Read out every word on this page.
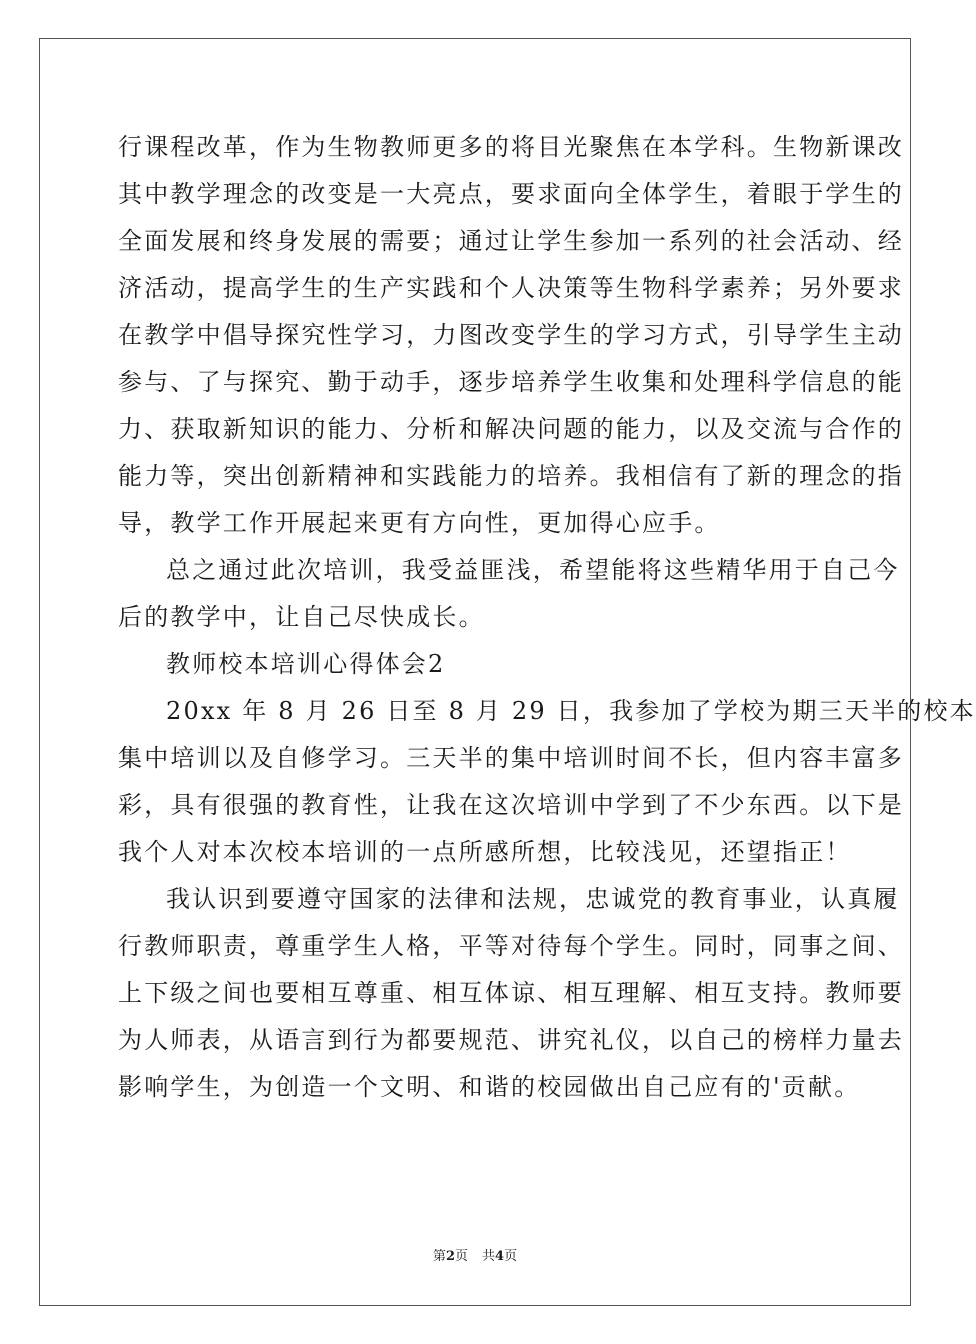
行课程改革，作为生物教师更多的将目光聚焦在本学科。生物新课改
其中教学理念的改变是一大亮点，要求面向全体学生，着眼于学生的
全面发展和终身发展的需要；通过让学生参加一系列的社会活动、经
济活动，提高学生的生产实践和个人决策等生物科学素养；另外要求
在教学中倡导探究性学习，力图改变学生的学习方式，引导学生主动
参与、了与探究、勤于动手，逐步培养学生收集和处理科学信息的能
力、获取新知识的能力、分析和解决问题的能力，以及交流与合作的
能力等，突出创新精神和实践能力的培养。我相信有了新的理念的指
导，教学工作开展起来更有方向性，更加得心应手。
总之通过此次培训，我受益匪浅，希望能将这些精华用于自己今
后的教学中，让自己尽快成长。
教师校本培训心得体会2
20xx 年 8 月 26 日至 8 月 29 日，我参加了学校为期三天半的校本
集中培训以及自修学习。三天半的集中培训时间不长，但内容丰富多
彩，具有很强的教育性，让我在这次培训中学到了不少东西。以下是
我个人对本次校本培训的一点所感所想，比较浅见，还望指正！
我认识到要遵守国家的法律和法规，忠诚党的教育事业，认真履
行教师职责，尊重学生人格，平等对待每个学生。同时，同事之间、
上下级之间也要相互尊重、相互体谅、相互理解、相互支持。教师要
为人师表，从语言到行为都要规范、讲究礼仪，以自己的榜样力量去
影响学生，为创造一个文明、和谐的校园做出自己应有的'贡献。
第2页 共4页
